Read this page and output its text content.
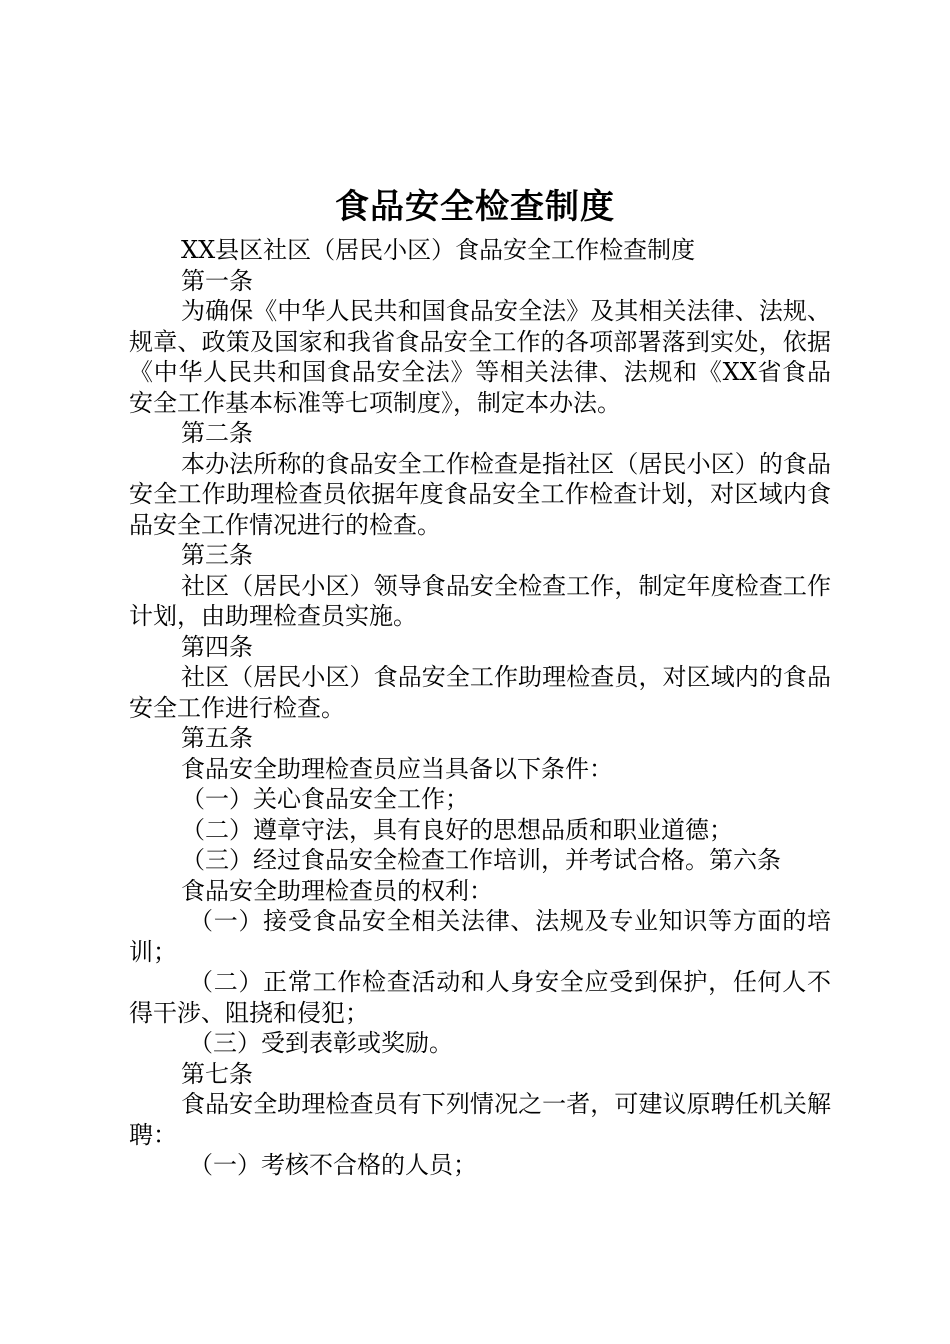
食品安全检查制度

XX县区社区（居民小区）食品安全工作检查制度

第一条

为确保《中华人民共和国食品安全法》及其相关法律、法规、规章、政策及国家和我省食品安全工作的各项部署落到实处，依据《中华人民共和国食品安全法》等相关法律、法规和《XX省食品安全工作基本标准等七项制度》，制定本办法。

第二条

本办法所称的食品安全工作检查是指社区（居民小区）的食品安全工作助理检查员依据年度食品安全工作检查计划，对区域内食品安全工作情况进行的检查。

第三条

社区（居民小区）领导食品安全检查工作，制定年度检查工作计划，由助理检查员实施。

第四条

社区（居民小区）食品安全工作助理检查员，对区域内的食品安全工作进行检查。

第五条

食品安全助理检查员应当具备以下条件：

（一）关心食品安全工作；

（二）遵章守法，具有良好的思想品质和职业道德；

（三）经过食品安全检查工作培训，并考试合格。第六条

食品安全助理检查员的权利：

（一）接受食品安全相关法律、法规及专业知识等方面的培训；

（二）正常工作检查活动和人身安全应受到保护，任何人不得干涉、阻挠和侵犯；

（三）受到表彰或奖励。

第七条

食品安全助理检查员有下列情况之一者，可建议原聘任机关解聘：

（一）考核不合格的人员；
